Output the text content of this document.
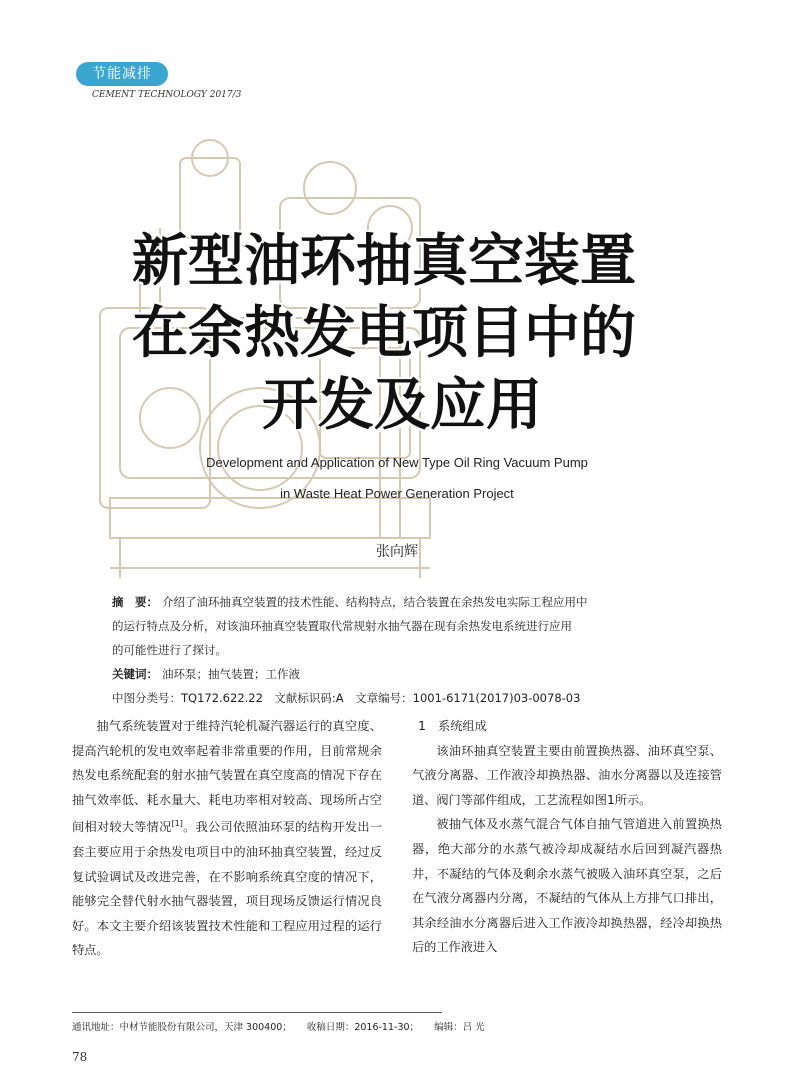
节能减排
CEMENT TECHNOLOGY 2017/3
新型油环抽真空装置
在余热发电项目中的
开发及应用
Development and Application of New Type Oil Ring Vacuum Pump
in Waste Heat Power Generation Project
张向辉

摘　要： 介绍了油环抽真空装置的技术性能、结构特点，结合装置在余热发电实际工程应用中

的运行特点及分析，对该油环抽真空装置取代常规射水抽气器在现有余热发电系统进行应用

的可能性进行了探讨。

关键词： 油环泵；抽气装置；工作液

中图分类号：TQ172.622.22　文献标识码:A　文章编号：1001-6171(2017)03-0078-03

抽气系统装置对于维持汽轮机凝汽器运行的真空度、提高汽轮机的发电效率起着非常重要的作用，目前常规余热发电系统配套的射水抽气装置在真空度高的情况下存在抽气效率低、耗水量大、耗电功率相对较高、现场所占空间相对较大等情况[1]。我公司依照油环泵的结构开发出一套主要应用于余热发电项目中的油环抽真空装置，经过反复试验调试及改进完善，在不影响系统真空度的情况下，能够完全替代射水抽气器装置，项目现场反馈运行情况良好。本文主要介绍该装置技术性能和工程应用过程的运行特点。

1　系统组成

该油环抽真空装置主要由前置换热器、油环真空泵、气液分离器、工作液冷却换热器、油水分离器以及连接管道、阀门等部件组成，工艺流程如图1所示。

被抽气体及水蒸气混合气体自抽气管道进入前置换热器，绝大部分的水蒸气被冷却成凝结水后回到凝汽器热井，不凝结的气体及剩余水蒸气被吸入油环真空泵，之后在气液分离器内分离，不凝结的气体从上方排气口排出，其余经油水分离器后进入工作液冷却换热器，经冷却换热后的工作液进入

通讯地址：中材节能股份有限公司，天津 300400； 收稿日期：2016-11-30； 编辑：吕 光
78
